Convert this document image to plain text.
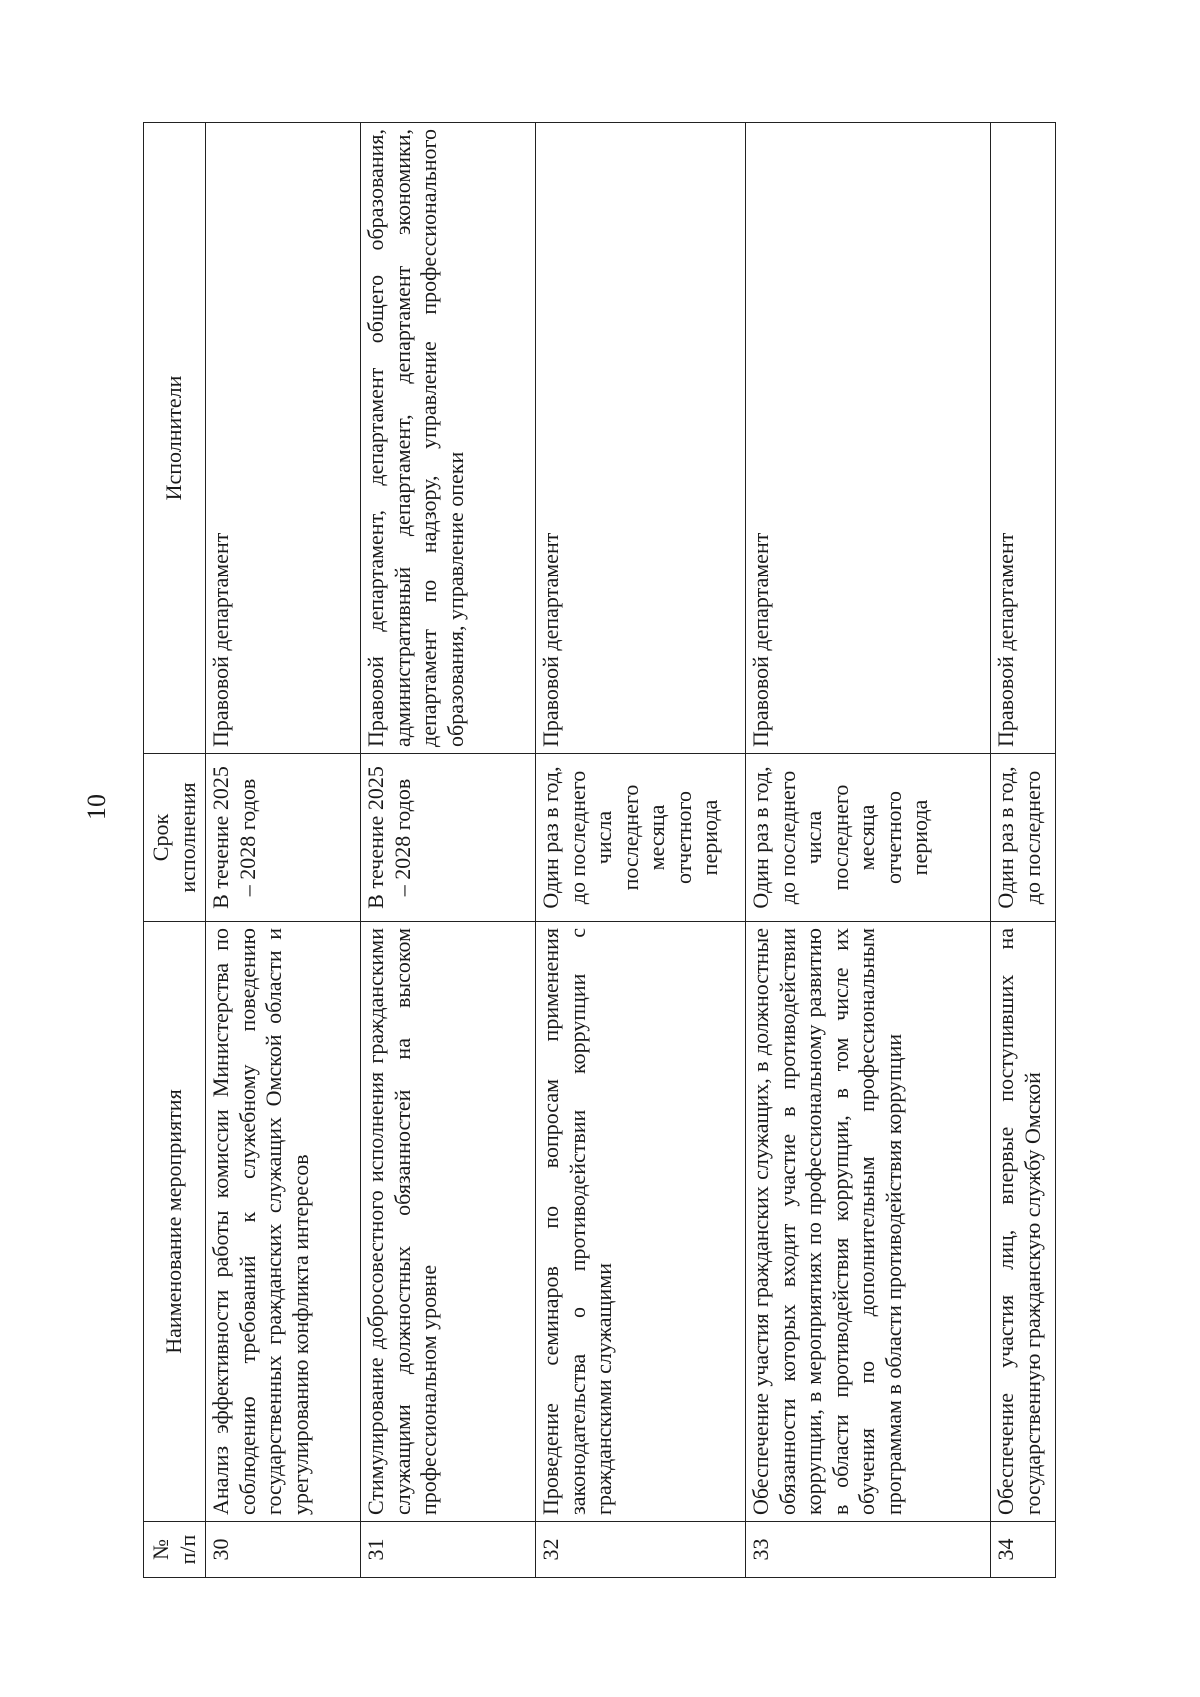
10
№ п/п	Наименование мероприятия	Срок исполнения	Исполнители
30	Анализ эффективности работы комиссии Министерства по соблюдению требований к служебному поведению государственных гражданских служащих Омской области и урегулированию конфликта интересов	В течение 2025 – 2028 годов	Правовой департамент
31	Стимулирование добросовестного исполнения гражданскими служащими должностных обязанностей на высоком профессиональном уровне	В течение 2025 – 2028 годов	Правовой департамент, департамент общего образования, административный департамент, департамент экономики, департамент по надзору, управление профессионального образования, управление опеки
32	Проведение семинаров по вопросам применения законодательства о противодействии коррупции с гражданскими служащими	Один раз в год, до последнего числа последнего месяца отчетного периода	Правовой департамент
33	Обеспечение участия гражданских служащих, в должностные обязанности которых входит участие в противодействии коррупции, в мероприятиях по профессиональному развитию в области противодействия коррупции, в том числе их обучения по дополнительным профессиональным программам в области противодействия коррупции	Один раз в год, до последнего числа последнего месяца отчетного периода	Правовой департамент
34	Обеспечение участия лиц, впервые поступивших на государственную гражданскую службу Омской	Один раз в год, до последнего	Правовой департамент
